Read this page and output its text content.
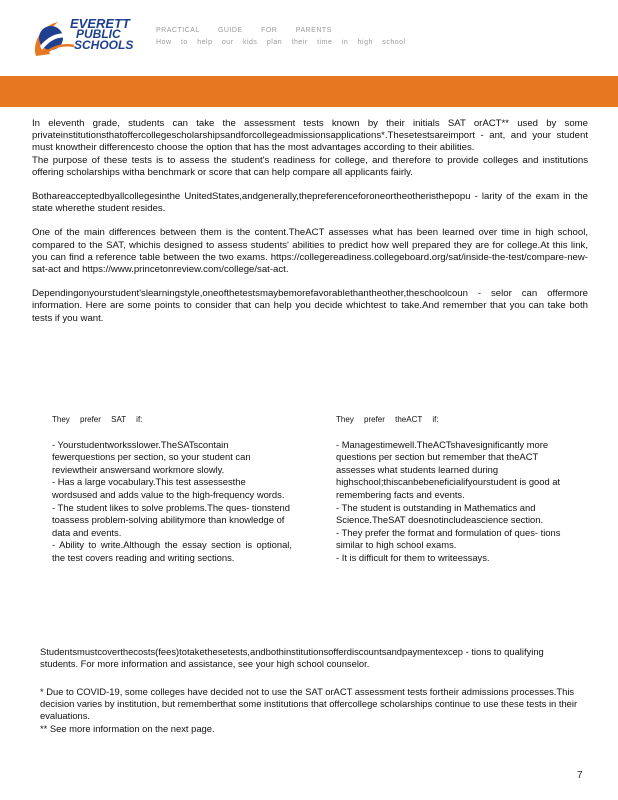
EVERETT
PUBLIC
SCHOOLS
PRACTICAL GUIDE FOR PARENTS
How to help our kids plan their time in high school

In eleventh grade, students can take the assessment tests known by their initials SAT orACT** used by some privateinstitutionsthatoffercollegescholarshipsandforcollegeadmissionsapplications*.Thesetestsareimport - ant, and your student must knowtheir differencesto choose the option that has the most advantages according to their abilities.

The purpose of these tests is to assess the student's readiness for college, and therefore to provide colleges and institutions offering scholarships witha benchmark or score that can help compare all applicants fairly.

Bothareacceptedbyallcollegesinthe UnitedStates,andgenerally,thepreferenceforoneortheotheristhepopu - larity of the exam in the state wherethe student resides.

One of the main differences between them is the content.TheACT assesses what has been learned over time in high school, compared to the SAT, whichis designed to assess students' abilities to predict how well prepared they are for college.At this link, you can find a reference table between the two exams. https://collegereadiness.collegeboard.org/sat/inside-the-test/compare-new-sat-act and https://www.princetonreview.com/college/sat-act.

Dependingonyourstudent'slearningstyle,oneofthetestsmaybemorefavorablethantheother,theschoolcoun - selor can offermore information. Here are some points to consider that can help you decide whichtest to take.And remember that you can take both tests if you want.

They prefer SAT if:
- Yourstudentworksslower.TheSATscontain fewerquestions per section, so your student can reviewtheir answersand workmore slowly.
- Has a large vocabulary.This test assessesthe wordsused and adds value to the high-frequency words.
- The student likes to solve problems.The ques- tionstend toassess problem-solving abilitymore than knowledge of data and events.
- Ability to write.Although the essay section is optional, the test covers reading and writing sections.
They prefer theACT if:
- Managestimewell.TheACTshavesignificantly more questions per section but remember that theACT assesses what students learned during highschool;thiscanbebeneficialifyourstudent is good at remembering facts and events.
- The student is outstanding in Mathematics and Science.TheSAT doesnotincludeascience section.
- They prefer the format and formulation of ques- tions similar to high school exams.
- It is difficult for them to writeessays.
Studentsmustcoverthecosts(fees)totakethesetests,andbothinstitutionsofferdiscountsandpaymentexcep - tions to qualifying students. For more information and assistance, see your high school counselor.
* Due to COVID-19, some colleges have decided not to use the SAT orACT assessment tests fortheir admissions processes.This decision varies by institution, but rememberthat some institutions that offercollege scholarships continue to use these tests in their evaluations.
** See more information on the next page.
7
